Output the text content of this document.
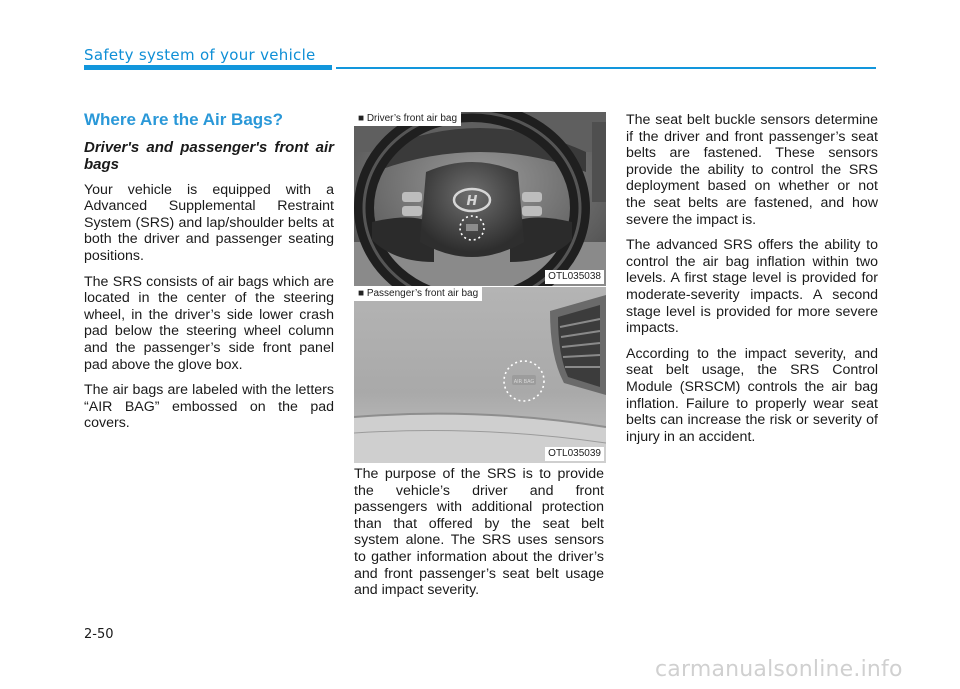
Safety system of your vehicle
Where Are the Air Bags?
Driver's and passenger's front air bags

Your vehicle is equipped with a Advanced Supplemental Restraint System (SRS) and lap/shoulder belts at both the driver and passenger seating positions.

The SRS consists of air bags which are located in the center of the steering wheel, in the driver’s side lower crash pad below the steering wheel column and the passenger’s side front panel pad above the glove box.

The air bags are labeled with the letters “AIR BAG” embossed on the pad covers.

H
■ Driver’s front air bag
OTL035038
AIR BAG
■ Passenger’s front air bag
OTL035039

The purpose of the SRS is to provide the vehicle’s driver and front passengers with additional protection than that offered by the seat belt system alone. The SRS uses sensors to gather information about the driver’s and front passenger’s seat belt usage and impact severity.

The seat belt buckle sensors determine if the driver and front passenger’s seat belts are fastened. These sensors provide the ability to control the SRS deployment based on whether or not the seat belts are fastened, and how severe the impact is.

The advanced SRS offers the ability to control the air bag inflation within two levels. A first stage level is provided for moderate-severity impacts. A second stage level is provided for more severe impacts.

According to the impact severity, and seat belt usage, the SRS Control Module (SRSCM) controls the air bag inflation. Failure to properly wear seat belts can increase the risk or severity of injury in an accident.

2-50
carmanualsonline.info
